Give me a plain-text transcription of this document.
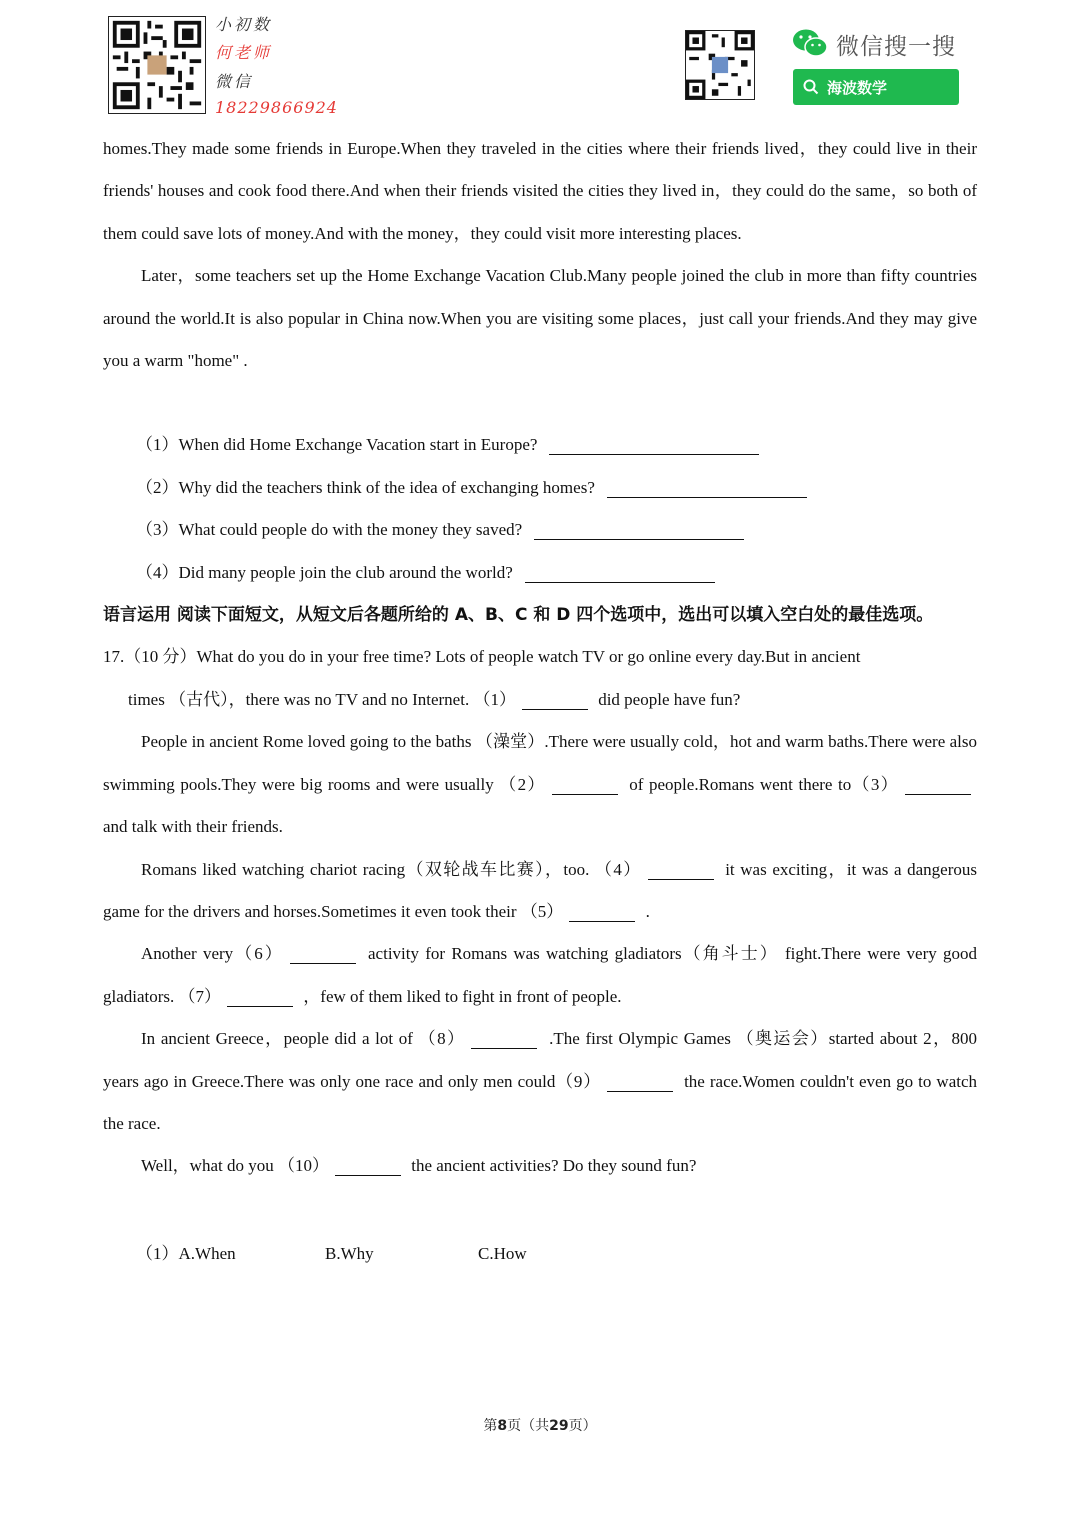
小初数
何老师
微信
18229866924
微信搜一搜
海波数学

homes.They made some friends in Europe.When they traveled in the cities where their friends lived，they could live in their friends' houses and cook food there.And when their friends visited the cities they lived in，they could do the same，so both of them could save lots of money.And with the money，they could visit more interesting places.

Later，some teachers set up the Home Exchange Vacation Club.Many people joined the club in more than fifty countries around the world.It is also popular in China now.When you are visiting some places，just call your friends.And they may give you a warm "home" .

（1）When did Home Exchange Vacation start in Europe?

（2）Why did the teachers think of the idea of exchanging homes?

（3）What could people do with the money they saved?

（4）Did many people join the club around the world?

语言运用 阅读下面短文，从短文后各题所给的 A、B、C 和 D 四个选项中，选出可以填入空白处的最佳选项。

17.（10 分）What do you do in your free time? Lots of people watch TV or go online every day.But in ancient

times （古代），there was no TV and no Internet. （1）	did people have fun?

People in ancient Rome loved going to the baths （澡堂）.There were usually cold，hot and warm baths.There were also swimming pools.They were big rooms and were usually （2）	of people.Romans went there to（3） and talk with their friends.

Romans liked watching chariot racing（双轮战车比赛），too. （4）	it was exciting，it was a dangerous game for the drivers and horses.Sometimes it even took their （5）	.

Another very（6）	activity for Romans was watching gladiators（角斗士） fight.There were very good gladiators. （7）	，few of them liked to fight in front of people.

In ancient Greece，people did a lot of （8）	.The first Olympic Games （奥运会）started about 2，800 years ago in Greece.There was only one race and only men could（9）	the race.Women couldn't even go to watch the race.

Well，what do you （10）	the ancient activities? Do they sound fun?

（1）A.When	B.Why	C.How
第8页（共29页）
